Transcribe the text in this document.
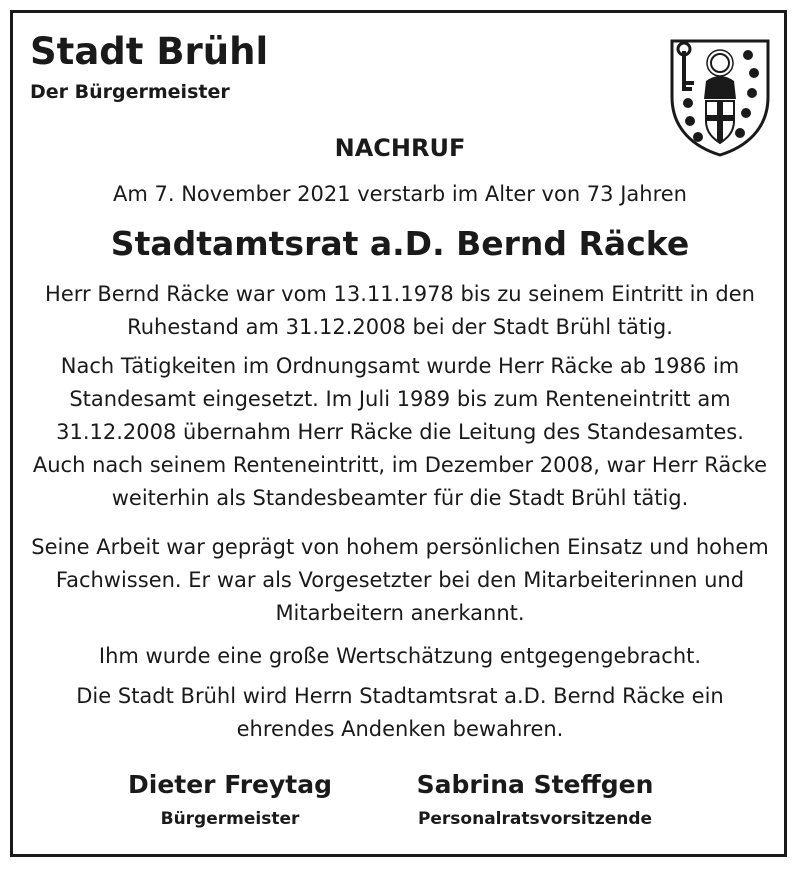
Stadt Brühl
Der Bürgermeister
NACHRUF
Am 7. November 2021 verstarb im Alter von 73 Jahren
Stadtamtsrat a.D. Bernd Räcke

Herr Bernd Räcke war vom 13.11.1978 bis zu seinem Eintritt in den Ruhestand am 31.12.2008 bei der Stadt Brühl tätig.

Nach Tätigkeiten im Ordnungsamt wurde Herr Räcke ab 1986 im Standesamt eingesetzt. Im Juli 1989 bis zum Renteneintritt am 31.12.2008 übernahm Herr Räcke die Leitung des Standesamtes. Auch nach seinem Renteneintritt, im Dezember 2008, war Herr Räcke weiterhin als Standesbeamter für die Stadt Brühl tätig.

Seine Arbeit war geprägt von hohem persönlichen Einsatz und hohem Fachwissen. Er war als Vorgesetzter bei den Mitarbeiterinnen und Mitarbeitern anerkannt.

Ihm wurde eine große Wertschätzung entgegengebracht.

Die Stadt Brühl wird Herrn Stadtamtsrat a.D. Bernd Räcke ein ehrendes Andenken bewahren.

Dieter Freytag
Bürgermeister
Sabrina Steffgen
Personalratsvorsitzende
